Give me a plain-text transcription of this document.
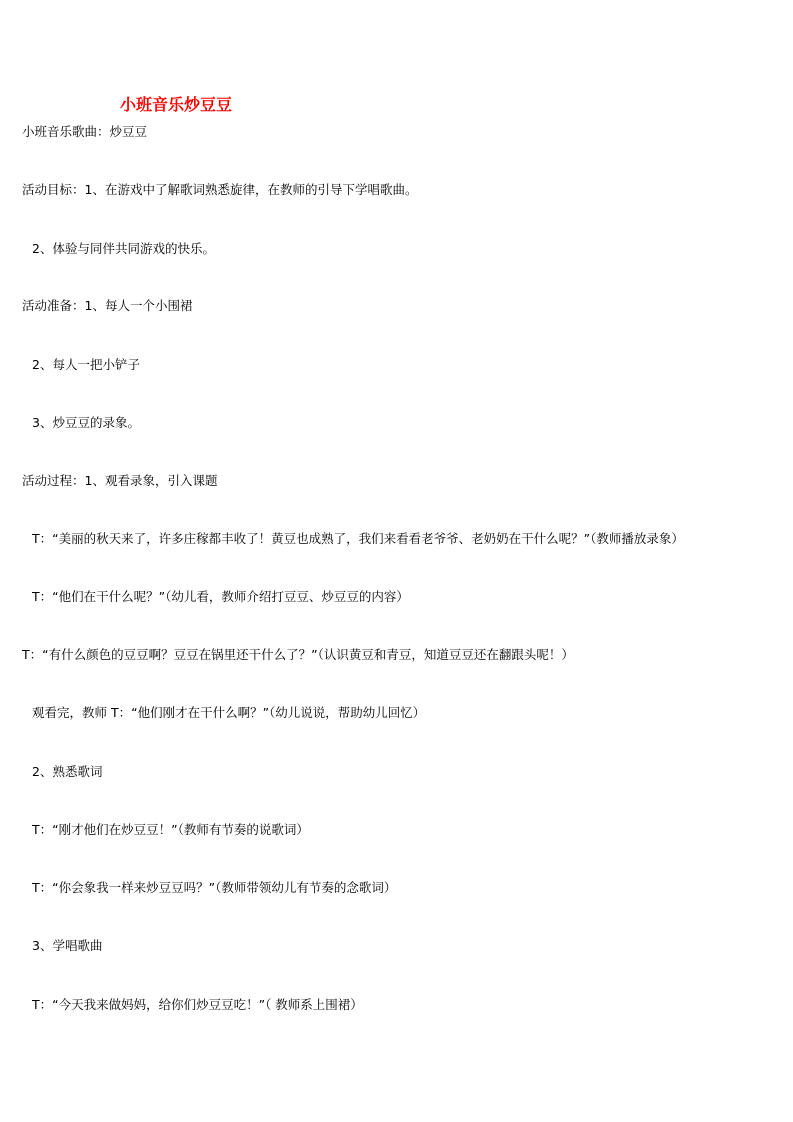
小班音乐炒豆豆
小班音乐歌曲：炒豆豆
活动目标：1、在游戏中了解歌词熟悉旋律，在教师的引导下学唱歌曲。
2、体验与同伴共同游戏的快乐。
活动准备：1、每人一个小围裙
2、每人一把小铲子
3、炒豆豆的录象。
活动过程：1、观看录象，引入课题
T：“美丽的秋天来了，许多庄稼都丰收了！黄豆也成熟了，我们来看看老爷爷、老奶奶在干什么呢？”（教师播放录象）
T：“他们在干什么呢？”（幼儿看，教师介绍打豆豆、炒豆豆的内容）
T：“有什么颜色的豆豆啊？豆豆在锅里还干什么了？”（认识黄豆和青豆，知道豆豆还在翻跟头呢！）
观看完，教师 T：“他们刚才在干什么啊？”（幼儿说说，帮助幼儿回忆）
2、熟悉歌词
T：“刚才他们在炒豆豆！”（教师有节奏的说歌词）
T：“你会象我一样来炒豆豆吗？”（教师带领幼儿有节奏的念歌词）
3、学唱歌曲
T：“今天我来做妈妈，给你们炒豆豆吃！”（ 教师系上围裙）
